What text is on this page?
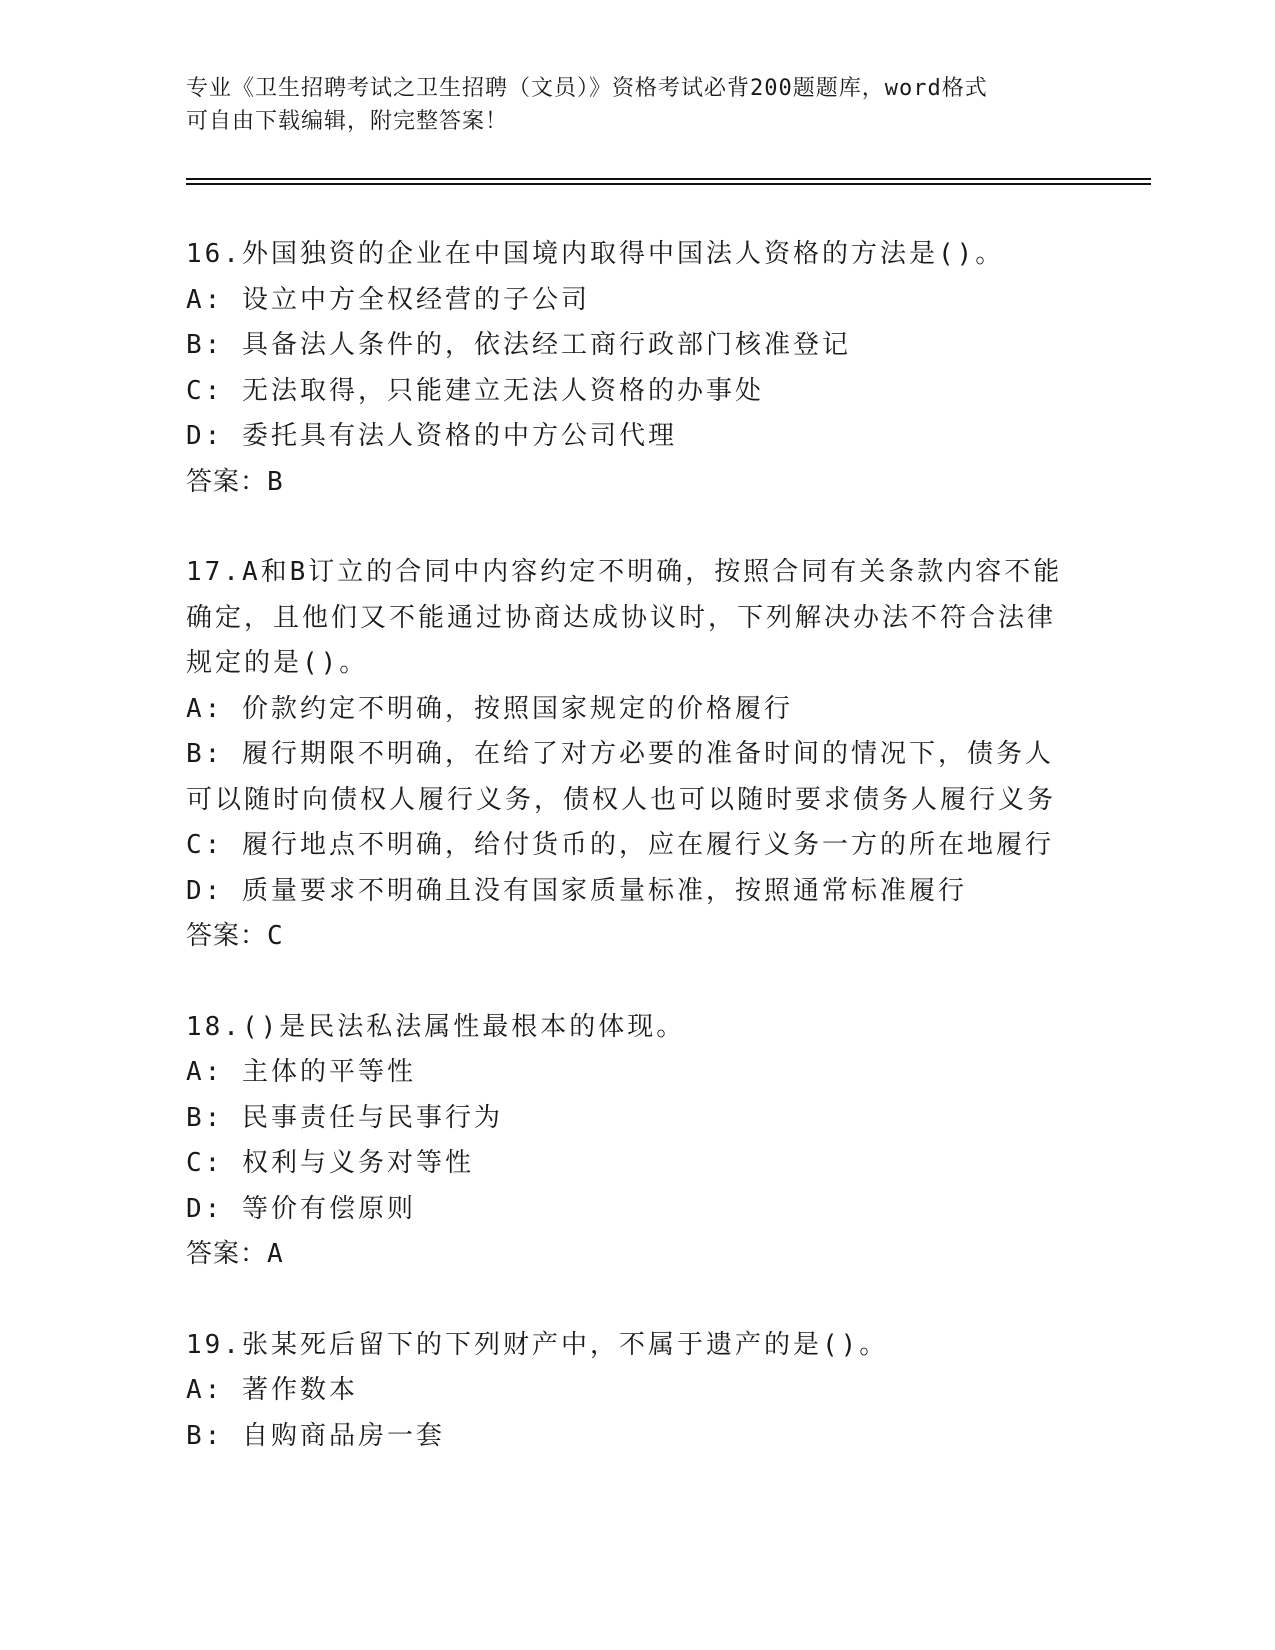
专业《卫生招聘考试之卫生招聘（文员）》资格考试必背200题题库，word格式
可自由下载编辑，附完整答案！
16.外国独资的企业在中国境内取得中国法人资格的方法是()。
A: 设立中方全权经营的子公司
B: 具备法人条件的，依法经工商行政部门核准登记
C: 无法取得，只能建立无法人资格的办事处
D: 委托具有法人资格的中方公司代理
答案：B
17.A和B订立的合同中内容约定不明确，按照合同有关条款内容不能确定，且他们又不能通过协商达成协议时，下列解决办法不符合法律规定的是()。
A: 价款约定不明确，按照国家规定的价格履行
B: 履行期限不明确，在给了对方必要的准备时间的情况下，债务人可以随时向债权人履行义务，债权人也可以随时要求债务人履行义务
C: 履行地点不明确，给付货币的，应在履行义务一方的所在地履行
D: 质量要求不明确且没有国家质量标准，按照通常标准履行
答案：C
18.()是民法私法属性最根本的体现。
A: 主体的平等性
B: 民事责任与民事行为
C: 权利与义务对等性
D: 等价有偿原则
答案：A
19.张某死后留下的下列财产中，不属于遗产的是()。
A: 著作数本
B: 自购商品房一套
